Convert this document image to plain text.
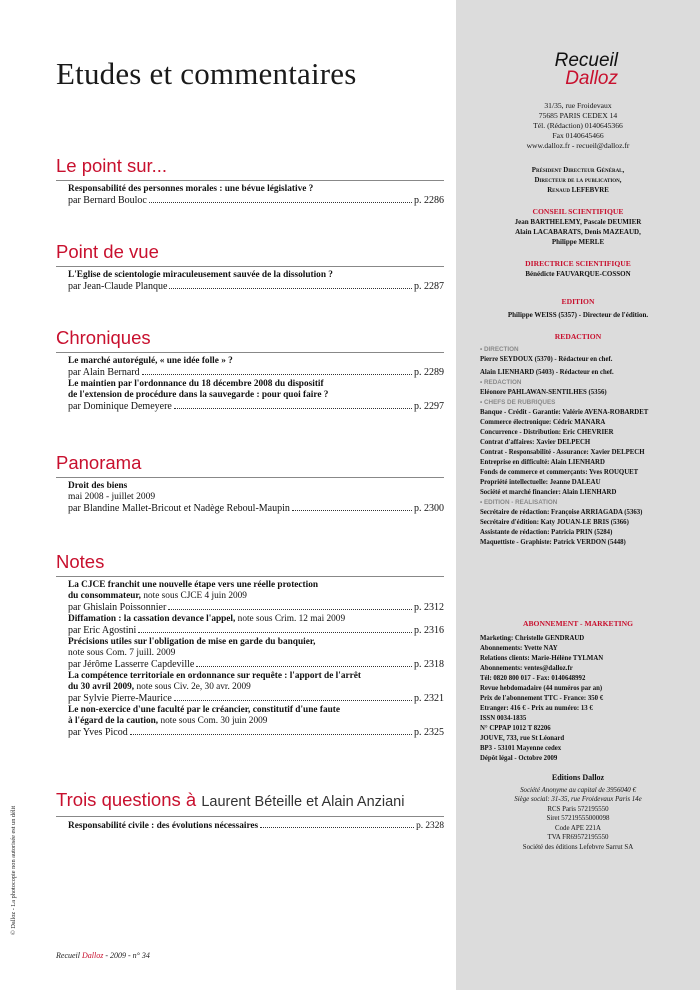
Etudes et commentaires
Le point sur...
Responsabilité des personnes morales : une bévue législative ?
par Bernard Bouloc	p. 2286
Point de vue
L'Eglise de scientologie miraculeusement sauvée de la dissolution ?
par Jean-Claude Planque	p. 2287
Chroniques
Le marché autorégulé, « une idée folle » ?
par Alain Bernard	p. 2289
Le maintien par l'ordonnance du 18 décembre 2008 du dispositif
de l'extension de procédure dans la sauvegarde : pour quoi faire ?
par Dominique Demeyere	p. 2297
Panorama
Droit des biens
mai 2008 - juillet 2009
par Blandine Mallet-Bricout et Nadège Reboul-Maupin	p. 2300
Notes
La CJCE franchit une nouvelle étape vers une réelle protection
du consommateur, note sous CJCE 4 juin 2009
par Ghislain Poissonnier	p. 2312
Diffamation : la cassation devance l'appel, note sous Crim. 12 mai 2009
par Eric Agostini	p. 2316
Précisions utiles sur l'obligation de mise en garde du banquier,
note sous Com. 7 juill. 2009
par Jérôme Lasserre Capdeville	p. 2318
La compétence territoriale en ordonnance sur requête : l'apport de l'arrêt
du 30 avril 2009, note sous Civ. 2e, 30 avr. 2009
par Sylvie Pierre-Maurice	p. 2321
Le non-exercice d'une faculté par le créancier, constitutif d'une faute
à l'égard de la caution, note sous Com. 30 juin 2009
par Yves Picod	p. 2325
Trois questions à Laurent Béteille et Alain Anziani
Responsabilité civile : des évolutions nécessaires	p. 2328
Recueil Dalloz - 2009 - n° 34
© Dalloz - La photocopie non autorisée est un délit
Recueil
Dalloz
31/35, rue Froidevaux
75685 PARIS CEDEX 14
Tél. (Rédaction) 0140645366
Fax 0140645466
www.dalloz.fr - recueil@dalloz.fr
Président Directeur Général,
Directeur de la publication,
Renaud LEFEBVRE
CONSEIL SCIENTIFIQUE
Jean BARTHELEMY, Pascale DEUMIER
Alain LACABARATS, Denis MAZEAUD,
Philippe MERLE
DIRECTRICE SCIENTIFIQUE
Bénédicte FAUVARQUE-COSSON
EDITION
Philippe WEISS (5357) - Directeur de l'édition.
REDACTION
• DIRECTION
Pierre SEYDOUX (5370) - Rédacteur en chef.
Alain LIENHARD (5403) - Rédacteur en chef.
• REDACTION
Eléonore PAHLAWAN-SENTILHES (5356)
• CHEFS DE RUBRIQUES
Banque - Crédit - Garantie: Valérie AVENA-ROBARDET
Commerce électronique: Cédric MANARA
Concurrence - Distribution: Eric CHEVRIER
Contrat d'affaires: Xavier DELPECH
Contrat - Responsabilité - Assurance: Xavier DELPECH
Entreprise en difficulté: Alain LIENHARD
Fonds de commerce et commerçants: Yves ROUQUET
Propriété intellectuelle: Jeanne DALEAU
Société et marché financier: Alain LIENHARD
• EDITION - REALISATION
Secrétaire de rédaction: Françoise ARRIAGADA (5363)
Secrétaire d'édition: Katy JOUAN-LE BRIS (5366)
Assistante de rédaction: Patricia PRIN (5284)
Maquettiste - Graphiste: Patrick VERDON (5448)
ABONNEMENT - MARKETING
Marketing: Christelle GENDRAUD
Abonnements: Yvette NAY
Relations clients: Marie-Hélène TYLMAN
Abonnements: ventes@dalloz.fr
Tél: 0820 800 017 - Fax: 0140648992
Revue hebdomadaire (44 numéros par an)
Prix de l'abonnement TTC - France: 350 €
Etranger: 416 € - Prix au numéro: 13 €
ISSN 0034-1835
N° CPPAP 1012 T 82206
JOUVE, 733, rue St Léonard
BP3 - 53101 Mayenne cedex
Dépôt légal - Octobre 2009
Editions Dalloz
Société Anonyme au capital de 3956040 €
Siège social: 31-35, rue Froidevaux Paris 14e
RCS Paris 572195550
Siret 57219555000098
Code APE 221A
TVA FR69572195550
Société des éditions Lefebvre Sarrut SA
